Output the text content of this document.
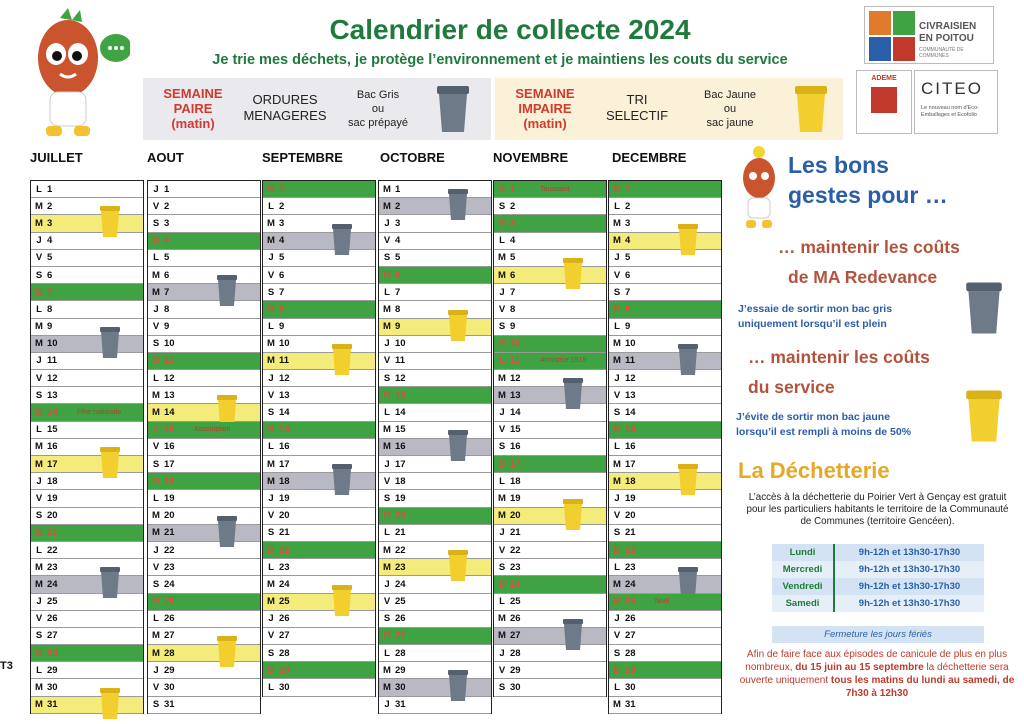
Calendrier de collecte 2024
Je trie mes déchets, je protège l’environnement et je maintiens les couts du service
SEMAINE
PAIRE
(matin)
ORDURES
MENAGERES
Bac Gris
ou
sac prépayé
SEMAINE
IMPAIRE
(matin)
TRI
SELECTIF
Bac Jaune
ou
sac jaune
CIVRAISIEN
EN POITOU
COMMUNAUTÉ DE COMMUNES
ADEME
CITEO
Le nouveau nom d'Eco-Emballages et Ecofolio
JUILLET
L 1
M 2
M 3
J 4
V 5
S 6
D 7
L 8
M 9
M 10
J 11
V 12
S 13
D 14	Fête nationale
L 15
M 16
M 17
J 18
V 19
S 20
D 21
L 22
M 23
M 24
J 25
V 26
S 27
D 28
L 29
M 30
M 31
AOUT
J 1
V 2
S 3
D 4
L 5
M 6
M 7
J 8
V 9
S 10
D 11
L 12
M 13
M 14
J 15	Assomption
V 16
S 17
D 18
L 19
M 20
M 21
J 22
V 23
S 24
D 25
L 26
M 27
M 28
J 29
V 30
S 31
SEPTEMBRE
D 1
L 2
M 3
M 4
J 5
V 6
S 7
D 8
L 9
M 10
M 11
J 12
V 13
S 14
D 15
L 16
M 17
M 18
J 19
V 20
S 21
D 22
L 23
M 24
M 25
J 26
V 27
S 28
D 29
L 30
OCTOBRE
M 1
M 2
J 3
V 4
S 5
D 6
L 7
M 8
M 9
J 10
V 11
S 12
D 13
L 14
M 15
M 16
J 17
V 18
S 19
D 20
L 21
M 22
M 23
J 24
V 25
S 26
D 27
L 28
M 29
M 30
J 31
NOVEMBRE
V 1	Toussaint
S 2
D 3
L 4
M 5
M 6
J 7
V 8
S 9
D 10
L 11	Armistice 1918
M 12
M 13
J 14
V 15
S 16
D 17
L 18
M 19
M 20
J 21
V 22
S 23
D 24
L 25
M 26
M 27
J 28
V 29
S 30
DECEMBRE
D 1
L 2
M 3
M 4
J 5
V 6
S 7
D 8
L 9
M 10
M 11
J 12
V 13
S 14
D 15
L 16
M 17
M 18
J 19
V 20
S 21
D 22
L 23
M 24
M 25	Noël
J 26
V 27
S 28
D 29
L 30
M 31
Les bons
gestes pour …
… maintenir les coûts
de MA Redevance
J’essaie de sortir mon bac gris
uniquement lorsqu’il est plein
… maintenir les coûts
du service
J’évite de sortir mon bac jaune
lorsqu’il est rempli à moins de 50%
La Déchetterie
L’accès à la déchetterie du Poirier Vert à Gençay est gratuit pour les particuliers habitants le territoire de la Communauté de Communes (territoire Gencéen).
Lundi	9h-12h et 13h30-17h30
Mercredi	9h-12h et 13h30-17h30
Vendredi	9h-12h et 13h30-17h30
Samedi	9h-12h et 13h30-17h30
Fermeture les jours fériés
Afin de faire face aux épisodes de canicule de plus en plus nombreux, du 15 juin au 15 septembre la déchetterie sera ouverte uniquement tous les matins du lundi au samedi, de 7h30 à 12h30
T3
